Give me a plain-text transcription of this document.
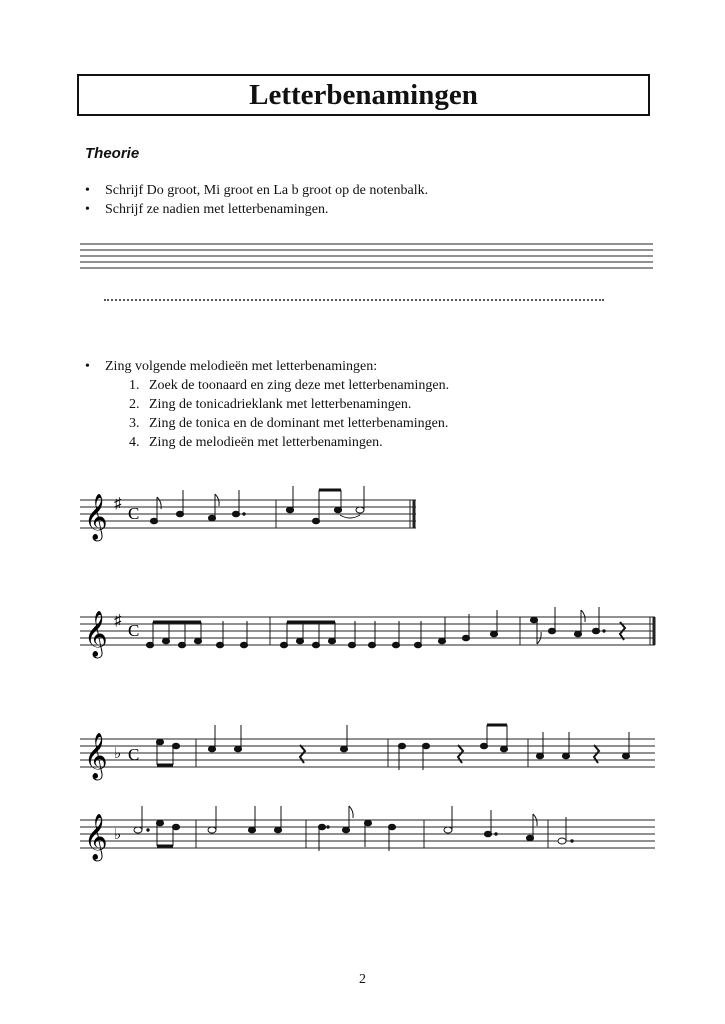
Letterbenamingen
Theorie
• Schrijf Do groot, Mi groot en La b groot op de notenbalk.
• Schrijf ze nadien met letterbenamingen.
• Zing volgende melodieën met letterbenamingen:
1. Zoek de toonaard en zing deze met letterbenamingen.
2. Zing de tonicadrieklank met letterbenamingen.
3. Zing de tonica en de dominant met letterbenamingen.
4. Zing de melodieën met letterbenamingen.
𝄞 ♯ C
𝄞 ♯ C
𝄞 ♭ C
𝄞 ♭
2
